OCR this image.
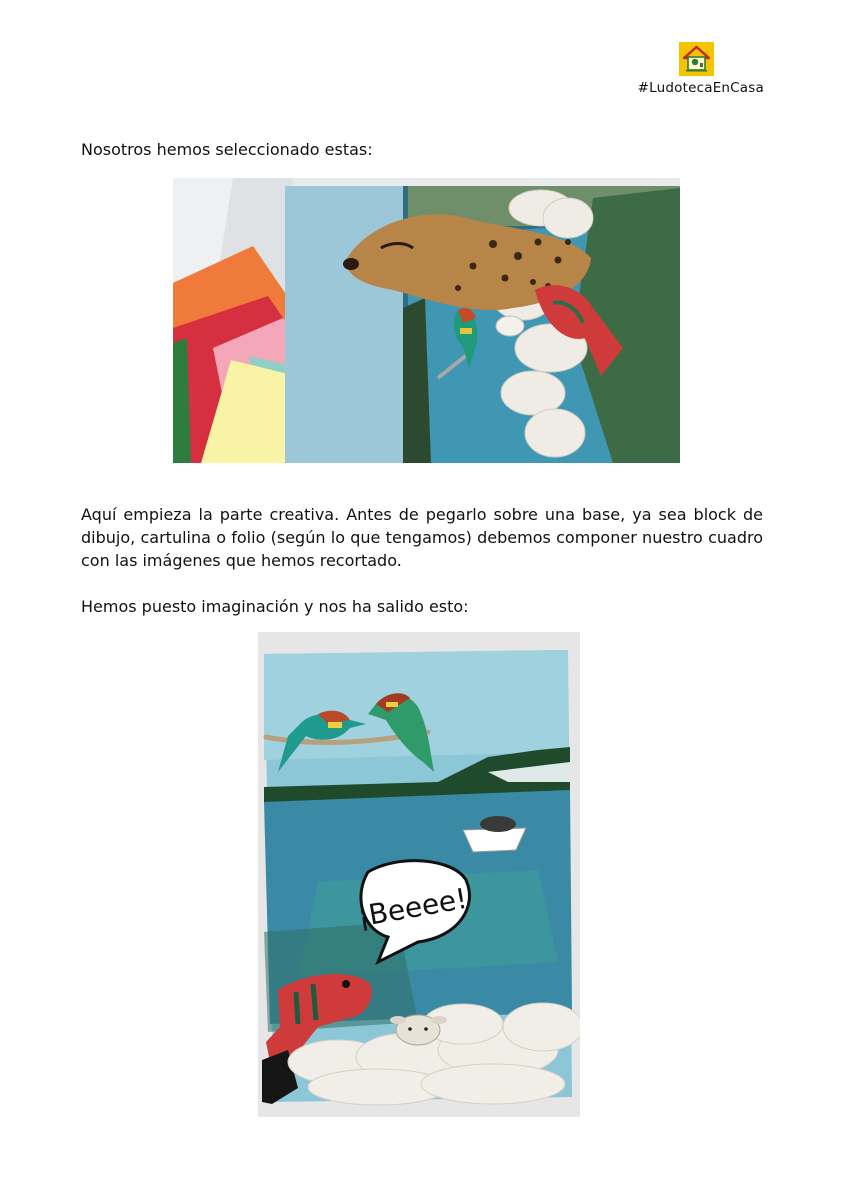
#LudotecaEnCasa

Nosotros hemos seleccionado estas:

Aquí empieza la parte creativa. Antes de pegarlo sobre una base, ya sea block de dibujo, cartulina o folio (según lo que tengamos) debemos componer nuestro cuadro con las imágenes que hemos recortado.

Hemos puesto imaginación y nos ha salido esto:

¡Beeee!
